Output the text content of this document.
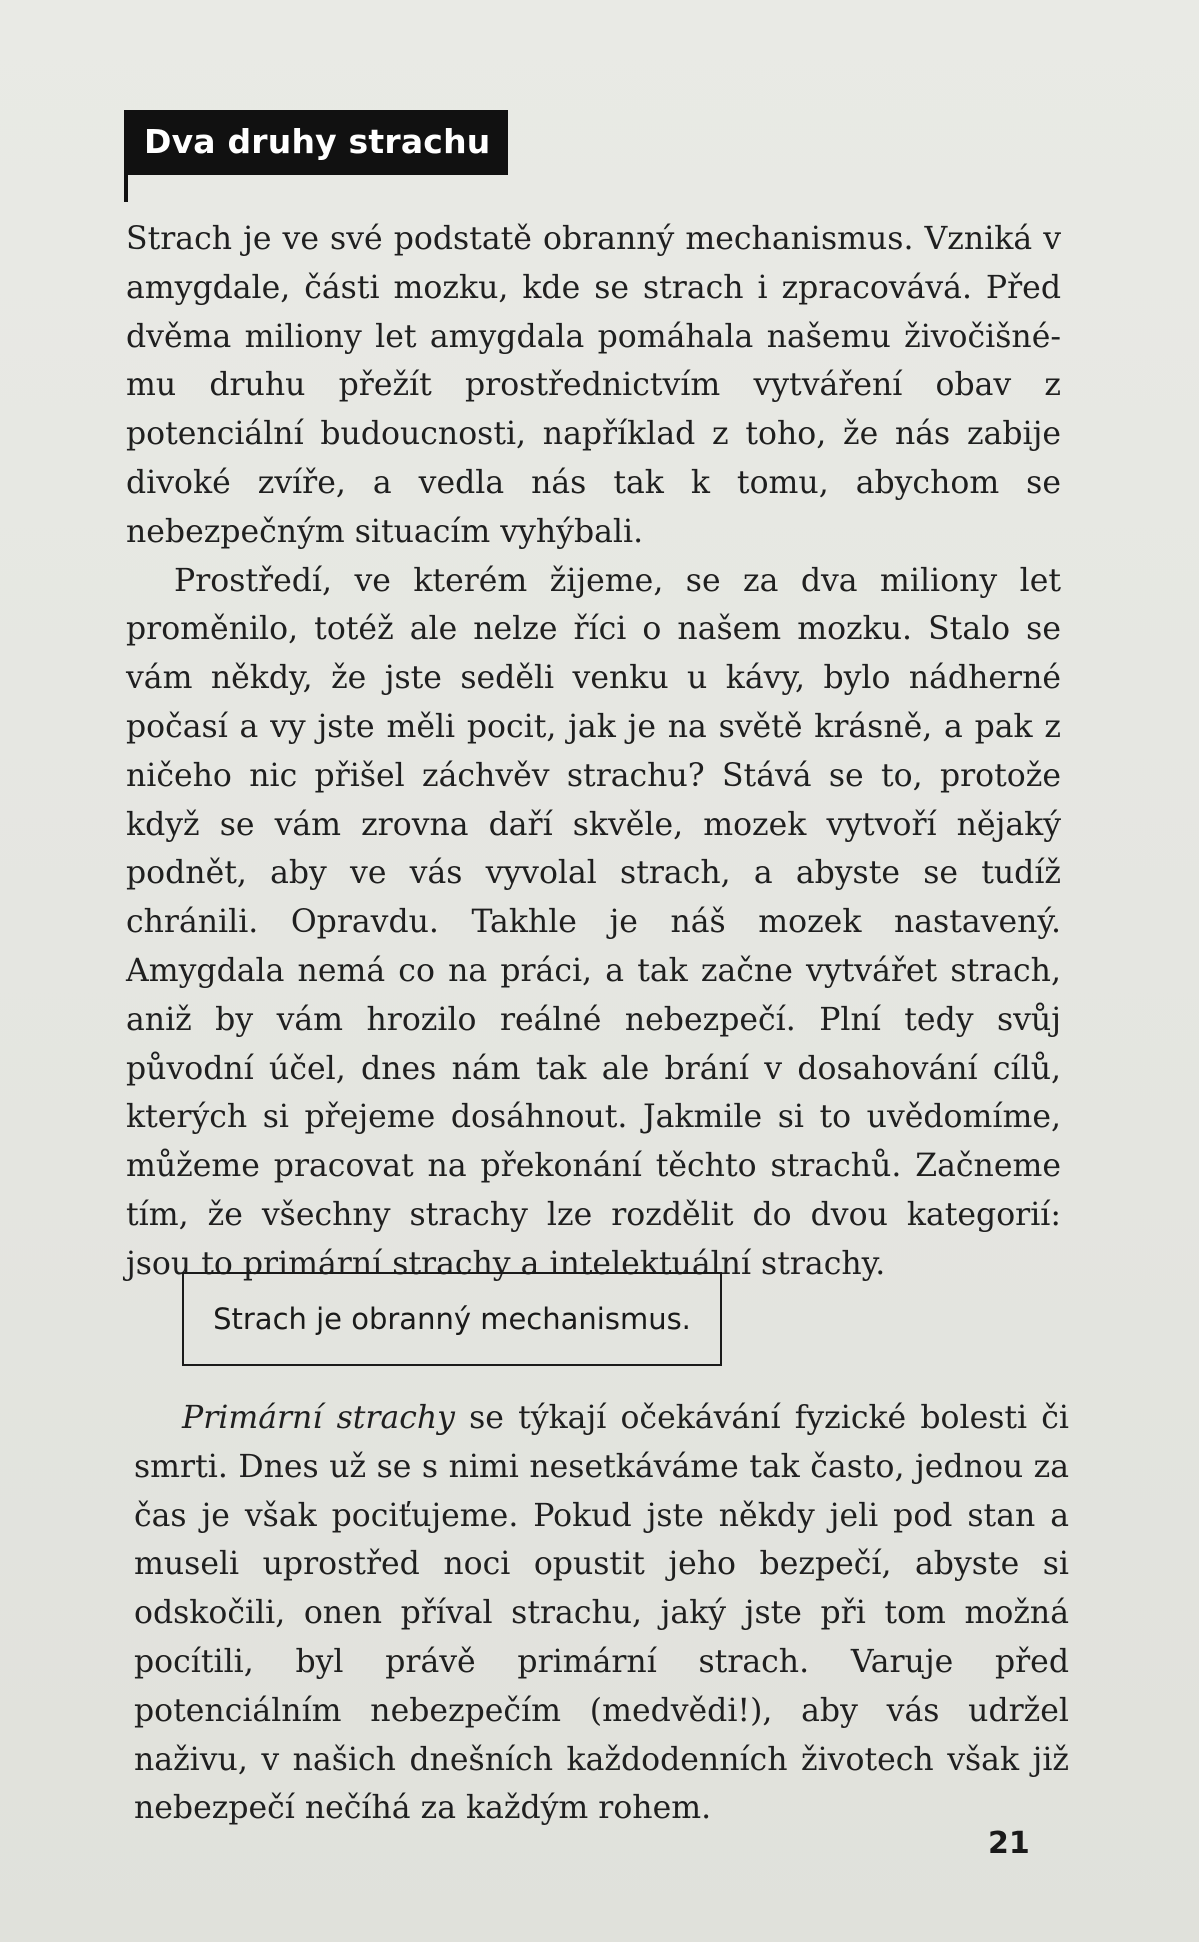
Dva druhy strachu

Strach je ve své podstatě obranný mechanismus. Vzniká v amygdale, části mozku, kde se strach i zpracovává. Před dvěma miliony let amygdala pomáhala našemu živočišnému druhu přežít prostřednictvím vytváření obav z potenciální budoucnosti, například z toho, že nás zabije divoké zvíře, a vedla nás tak k tomu, abychom se nebezpečným situacím vyhýbali.

Prostředí, ve kterém žijeme, se za dva miliony let proměnilo, totéž ale nelze říci o našem mozku. Stalo se vám někdy, že jste seděli venku u kávy, bylo nádherné počasí a vy jste měli pocit, jak je na světě krásně, a pak z ničeho nic přišel záchvěv strachu? Stává se to, protože když se vám zrovna daří skvěle, mozek vytvoří nějaký podnět, aby ve vás vyvolal strach, a abyste se tudíž chránili. Opravdu. Takhle je náš mozek nastavený. Amygdala nemá co na práci, a tak začne vytvářet strach, aniž by vám hrozilo reálné nebezpečí. Plní tedy svůj původní účel, dnes nám tak ale brání v dosahování cílů, kterých si přejeme dosáhnout. Jakmile si to uvědomíme, můžeme pracovat na překonání těchto strachů. Začneme tím, že všechny strachy lze rozdělit do dvou kategorií: jsou to primární strachy a intelektuální strachy.

Strach je obranný mechanismus.

Primární strachy se týkají očekávání fyzické bolesti či smrti. Dnes už se s nimi nesetkáváme tak často, jednou za čas je však pociťujeme. Pokud jste někdy jeli pod stan a museli uprostřed noci opustit jeho bezpečí, abyste si odskočili, onen příval strachu, jaký jste při tom možná pocítili, byl právě primární strach. Varuje před potenciálním nebezpečím (medvědi!), aby vás udržel naživu, v našich dnešních každodenních životech však již nebezpečí nečíhá za každým rohem.

21
